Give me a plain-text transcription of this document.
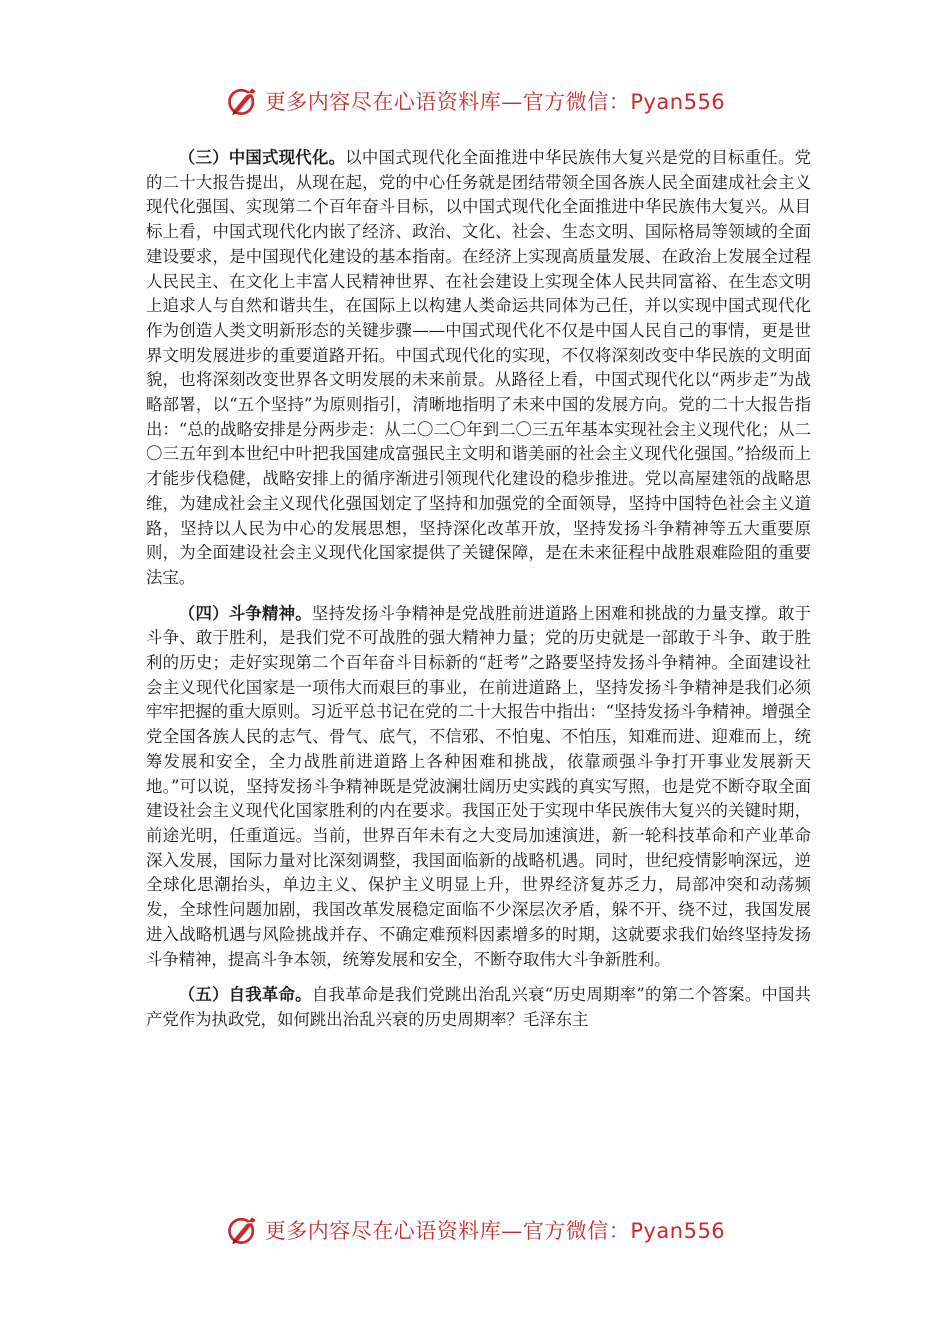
更多内容尽在心语资料库—官方微信：Pyan556

（三）中国式现代化。以中国式现代化全面推进中华民族伟大复兴是党的目标重任。党的二十大报告提出，从现在起，党的中心任务就是团结带领全国各族人民全面建成社会主义现代化强国、实现第二个百年奋斗目标，以中国式现代化全面推进中华民族伟大复兴。从目标上看，中国式现代化内嵌了经济、政治、文化、社会、生态文明、国际格局等领域的全面建设要求，是中国现代化建设的基本指南。在经济上实现高质量发展、在政治上发展全过程人民民主、在文化上丰富人民精神世界、在社会建设上实现全体人民共同富裕、在生态文明上追求人与自然和谐共生，在国际上以构建人类命运共同体为己任，并以实现中国式现代化作为创造人类文明新形态的关键步骤——中国式现代化不仅是中国人民自己的事情，更是世界文明发展进步的重要道路开拓。中国式现代化的实现，不仅将深刻改变中华民族的文明面貌，也将深刻改变世界各文明发展的未来前景。从路径上看，中国式现代化以“两步走”为战略部署，以“五个坚持”为原则指引，清晰地指明了未来中国的发展方向。党的二十大报告指出：“总的战略安排是分两步走：从二〇二〇年到二〇三五年基本实现社会主义现代化；从二〇三五年到本世纪中叶把我国建成富强民主文明和谐美丽的社会主义现代化强国。”拾级而上才能步伐稳健，战略安排上的循序渐进引领现代化建设的稳步推进。党以高屋建瓴的战略思维，为建成社会主义现代化强国划定了坚持和加强党的全面领导，坚持中国特色社会主义道路，坚持以人民为中心的发展思想，坚持深化改革开放，坚持发扬斗争精神等五大重要原则，为全面建设社会主义现代化国家提供了关键保障，是在未来征程中战胜艰难险阻的重要法宝。

（四）斗争精神。坚持发扬斗争精神是党战胜前进道路上困难和挑战的力量支撑。敢于斗争、敢于胜利，是我们党不可战胜的强大精神力量；党的历史就是一部敢于斗争、敢于胜利的历史；走好实现第二个百年奋斗目标新的“赶考”之路要坚持发扬斗争精神。全面建设社会主义现代化国家是一项伟大而艰巨的事业，在前进道路上，坚持发扬斗争精神是我们必须牢牢把握的重大原则。习近平总书记在党的二十大报告中指出：“坚持发扬斗争精神。增强全党全国各族人民的志气、骨气、底气，不信邪、不怕鬼、不怕压，知难而进、迎难而上，统筹发展和安全，全力战胜前进道路上各种困难和挑战，依靠顽强斗争打开事业发展新天地。”可以说，坚持发扬斗争精神既是党波澜壮阔历史实践的真实写照，也是党不断夺取全面建设社会主义现代化国家胜利的内在要求。我国正处于实现中华民族伟大复兴的关键时期，前途光明，任重道远。当前，世界百年未有之大变局加速演进，新一轮科技革命和产业革命深入发展，国际力量对比深刻调整，我国面临新的战略机遇。同时，世纪疫情影响深远，逆全球化思潮抬头，单边主义、保护主义明显上升，世界经济复苏乏力，局部冲突和动荡频发，全球性问题加剧，我国改革发展稳定面临不少深层次矛盾，躲不开、绕不过，我国发展进入战略机遇与风险挑战并存、不确定难预料因素增多的时期，这就要求我们始终坚持发扬斗争精神，提高斗争本领，统筹发展和安全，不断夺取伟大斗争新胜利。

（五）自我革命。自我革命是我们党跳出治乱兴衰“历史周期率”的第二个答案。中国共产党作为执政党，如何跳出治乱兴衰的历史周期率？毛泽东主

更多内容尽在心语资料库—官方微信：Pyan556
